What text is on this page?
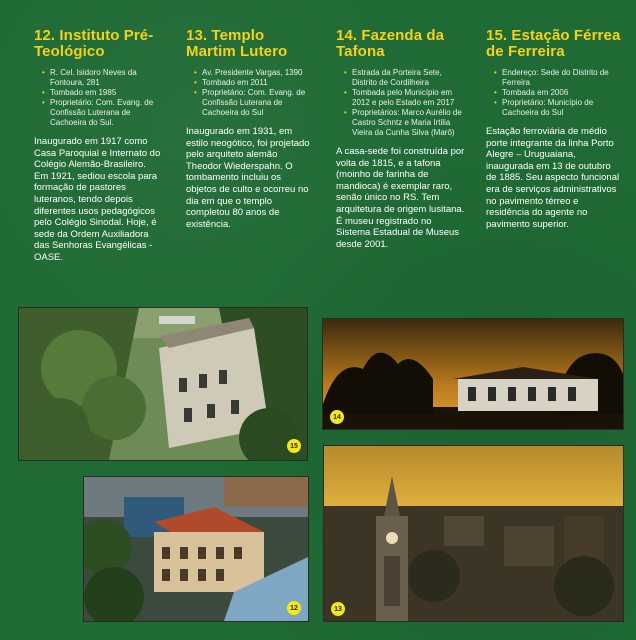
12. Instituto Pré-Teológico
• R. Cel. Isidoro Neves da Fontoura, 281
• Tombado em 1985
• Proprietário: Com. Evang. de Confissão Luterana de Cachoeira do Sul.

Inaugurado em 1917 como Casa Paroquial e Internato do Colégio Alemão-Brasileiro. Em 1921, sediou escola para formação de pastores luteranos, tendo depois diferentes usos pedagógicos pelo Colégio Sinodal. Hoje, é sede da Ordem Auxiliadora das Senhoras Evangélicas - OASE.

13. Templo Martim Lutero
• Av. Presidente Vargas, 1390
• Tombado em 2011
• Proprietário: Com. Evang. de Confissão Luterana de Cachoeira do Sul

Inaugurado em 1931, em estilo neogótico, foi projetado pelo arquiteto alemão Theodor Wiederspahn. O tombamento incluiu os objetos de culto e ocorreu no dia em que o templo completou 80 anos de existência.

14. Fazenda da Tafona
• Estrada da Porteira Sete, Distrito de Cordilheira
• Tombada pelo Município em 2012 e pelo Estado em 2017
• Proprietários: Marco Aurélio de Castro Schntz e Maria Irtilia Vieira da Cunha Silva (Marô)

A casa-sede foi construída por volta de 1815, e a tafona (moinho de farinha de mandioca) é exemplar raro, senão único no RS. Tem arquitetura de origem lusitana. É museu registrado no Sistema Estadual de Museus desde 2001.

15. Estação Férrea de Ferreira
• Endereço: Sede do Distrito de Ferreira
• Tombada em 2006
• Proprietário: Município de Cachoeira do Sul

Estação ferroviária de médio porte integrante da linha Porto Alegre – Uruguaiana, inaugurada em 13 de outubro de 1885. Seu aspecto funcional era de serviços administrativos no pavimento térreo e residência do agente no pavimento superior.

15
14
12	13
